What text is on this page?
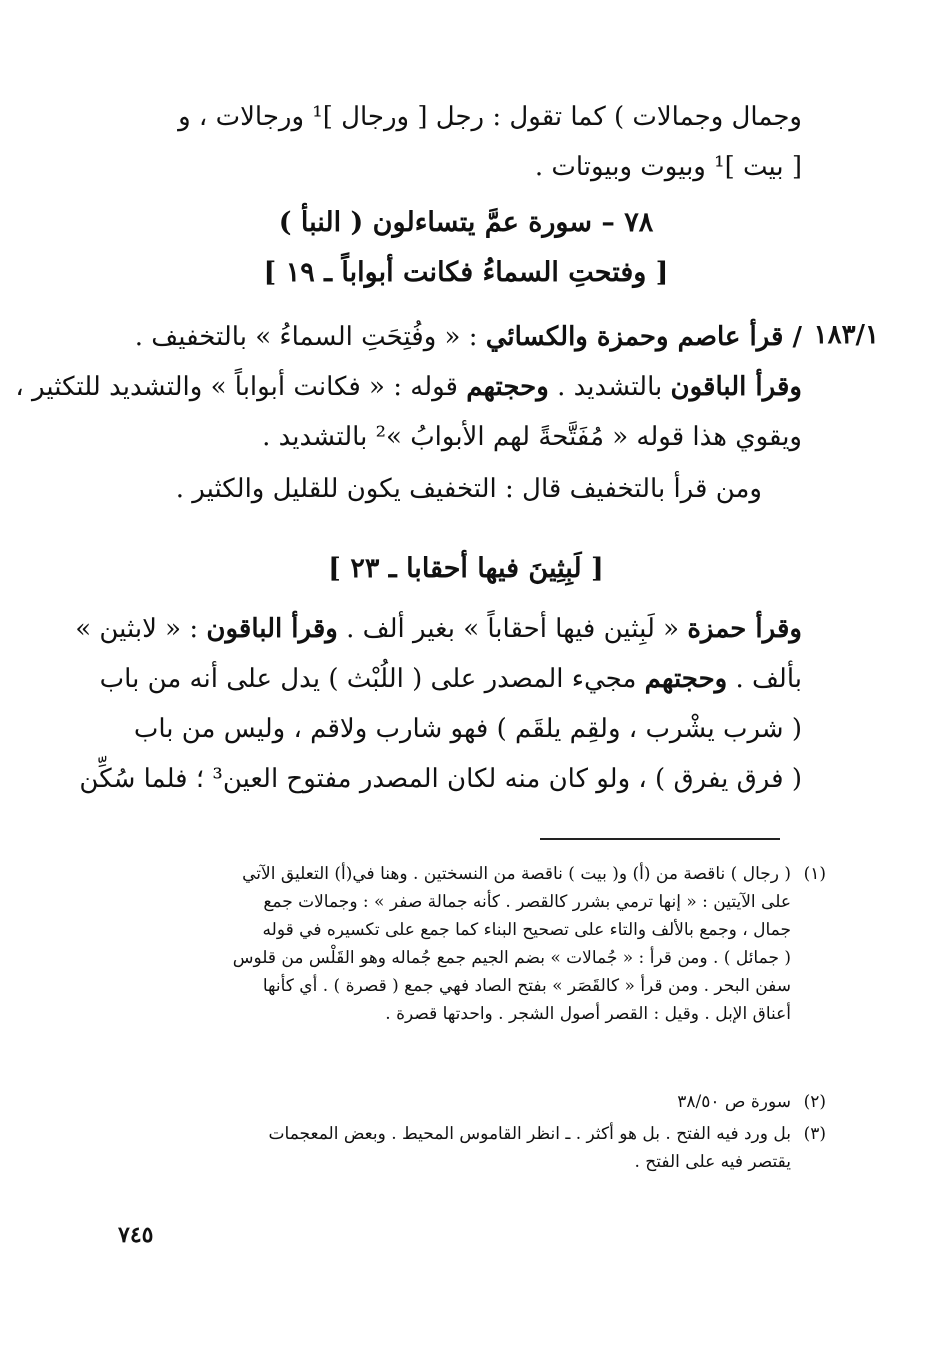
وجمال وجمالات ) كما تقول : رجل [ ورجال ]¹ ورجالات ، و
[ بيت ]¹ وبيوت وبيوتات .
٧٨ – سورة عمَّ يتساءلون ( النبأ )
[ وفتحتِ السماءُ فكانت أبواباً ـ ١٩ ]
١٨٣/١
/ قرأ عاصم وحمزة والكسائي : « وفُتِحَتِ السماءُ » بالتخفيف .
وقرأ الباقون بالتشديد . وحجتهم قوله : « فكانت أبواباً » والتشديد للتكثير ،
ويقوي هذا قوله « مُفَتَّحةً لهم الأبوابُ »² بالتشديد .
ومن قرأ بالتخفيف قال : التخفيف يكون للقليل والكثير .
[ لَبِثِينَ فيها أحقابا ـ ٢٣ ]
وقرأ حمزة « لَبِثين فيها أحقاباً » بغير ألف . وقرأ الباقون : « لابثين »
بألف . وحجتهم مجيء المصدر على ( اللُبْث ) يدل على أنه من باب
( شرب يشْرب ، ولقِم يلقَم ) فهو شارب ولاقم ، وليس من باب
( فرق يفرق ) ، ولو كان منه لكان المصدر مفتوح العين³ ؛ فلما سُكِّن
( رجال ) ناقصة من (أ) و( بيت ) ناقصة من النسختين . وهنا في(أ) التعليق الآتي
على الآيتين : « إنها ترمي بشرر كالقصر . كأنه جمالة صفر » : وجمالات جمع
جمال ، وجمع بالألف والتاء على تصحيح البناء كما جمع على تكسيره في قوله
( جمائل ) . ومن قرأ : « جُمالات » بضم الجيم جمع جُماله وهو القَلْس من قلوس
سفن البحر . ومن قرأ « كالقَصَر » بفتح الصاد فهي جمع ( قصرة ) . أي كأنها
أعناق الإبل . وقيل : القصر أصول الشجر . واحدتها قصرة .
(١)
سورة ص ٣٨/٥٠ (٢)
بل ورد فيه الفتح . بل هو أكثر . ـ انظر القاموس المحيط . وبعض المعجمات
يقتصر فيه على الفتح .
(٣)
٧٤٥
